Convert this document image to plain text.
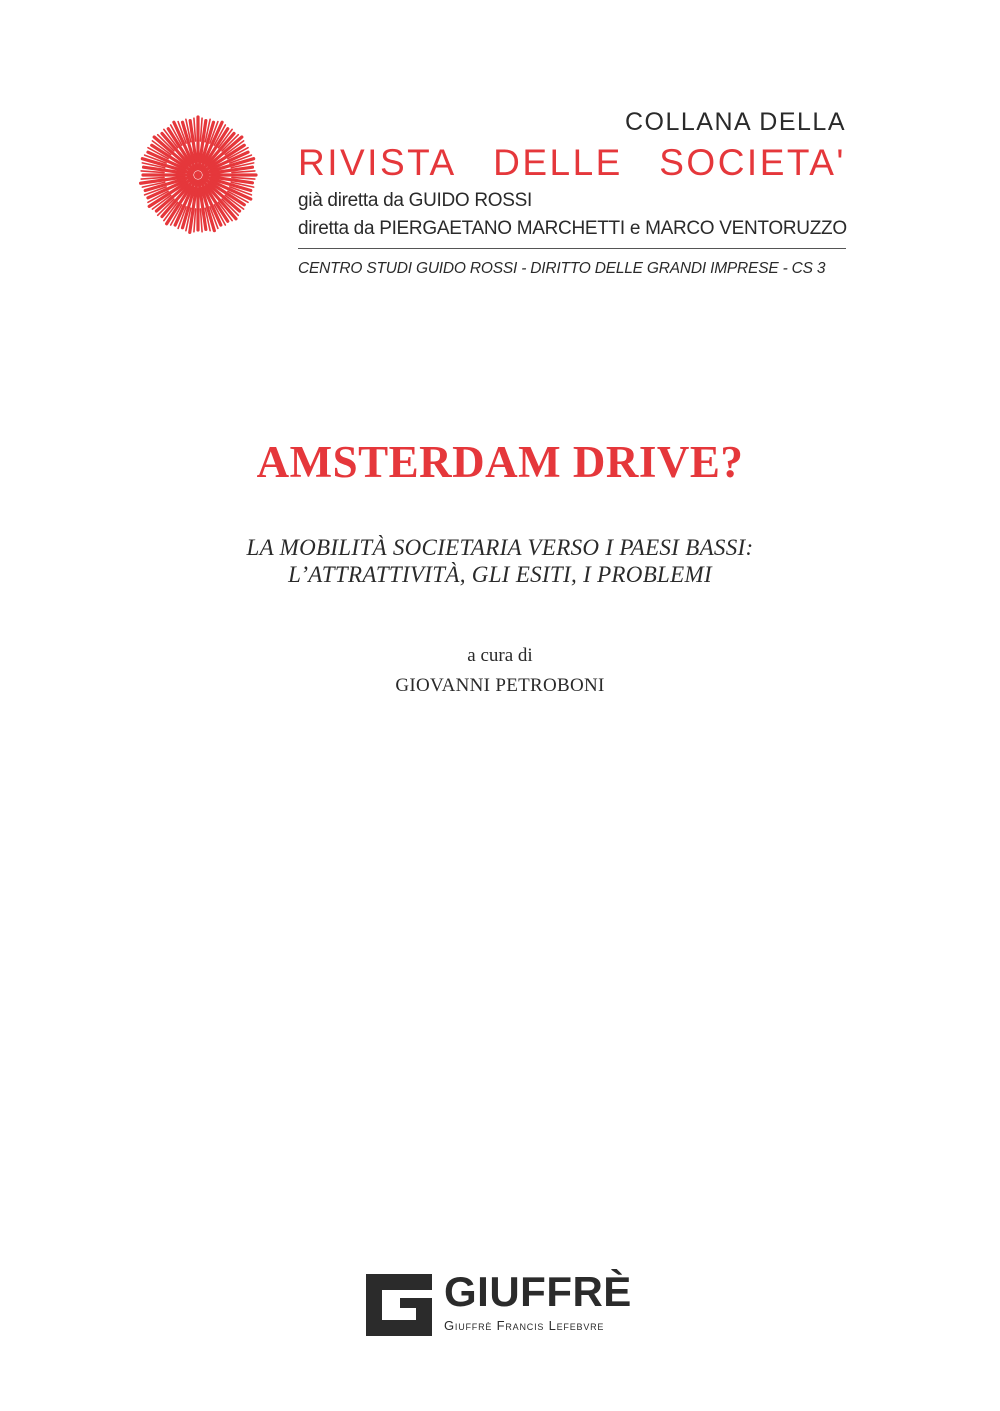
COLLANA DELLA
RIVISTA DELLE SOCIETA'
già diretta da GUIDO ROSSI
diretta da PIERGAETANO MARCHETTI e MARCO VENTORUZZO
CENTRO STUDI GUIDO ROSSI - DIRITTO DELLE GRANDI IMPRESE - CS 3
AMSTERDAM DRIVE?
LA MOBILITÀ SOCIETARIA VERSO I PAESI BASSI:
L’ATTRATTIVITÀ, GLI ESITI, I PROBLEMI
a cura di
GIOVANNI PETROBONI
GIUFFRÈ
Giuffrè Francis Lefebvre
